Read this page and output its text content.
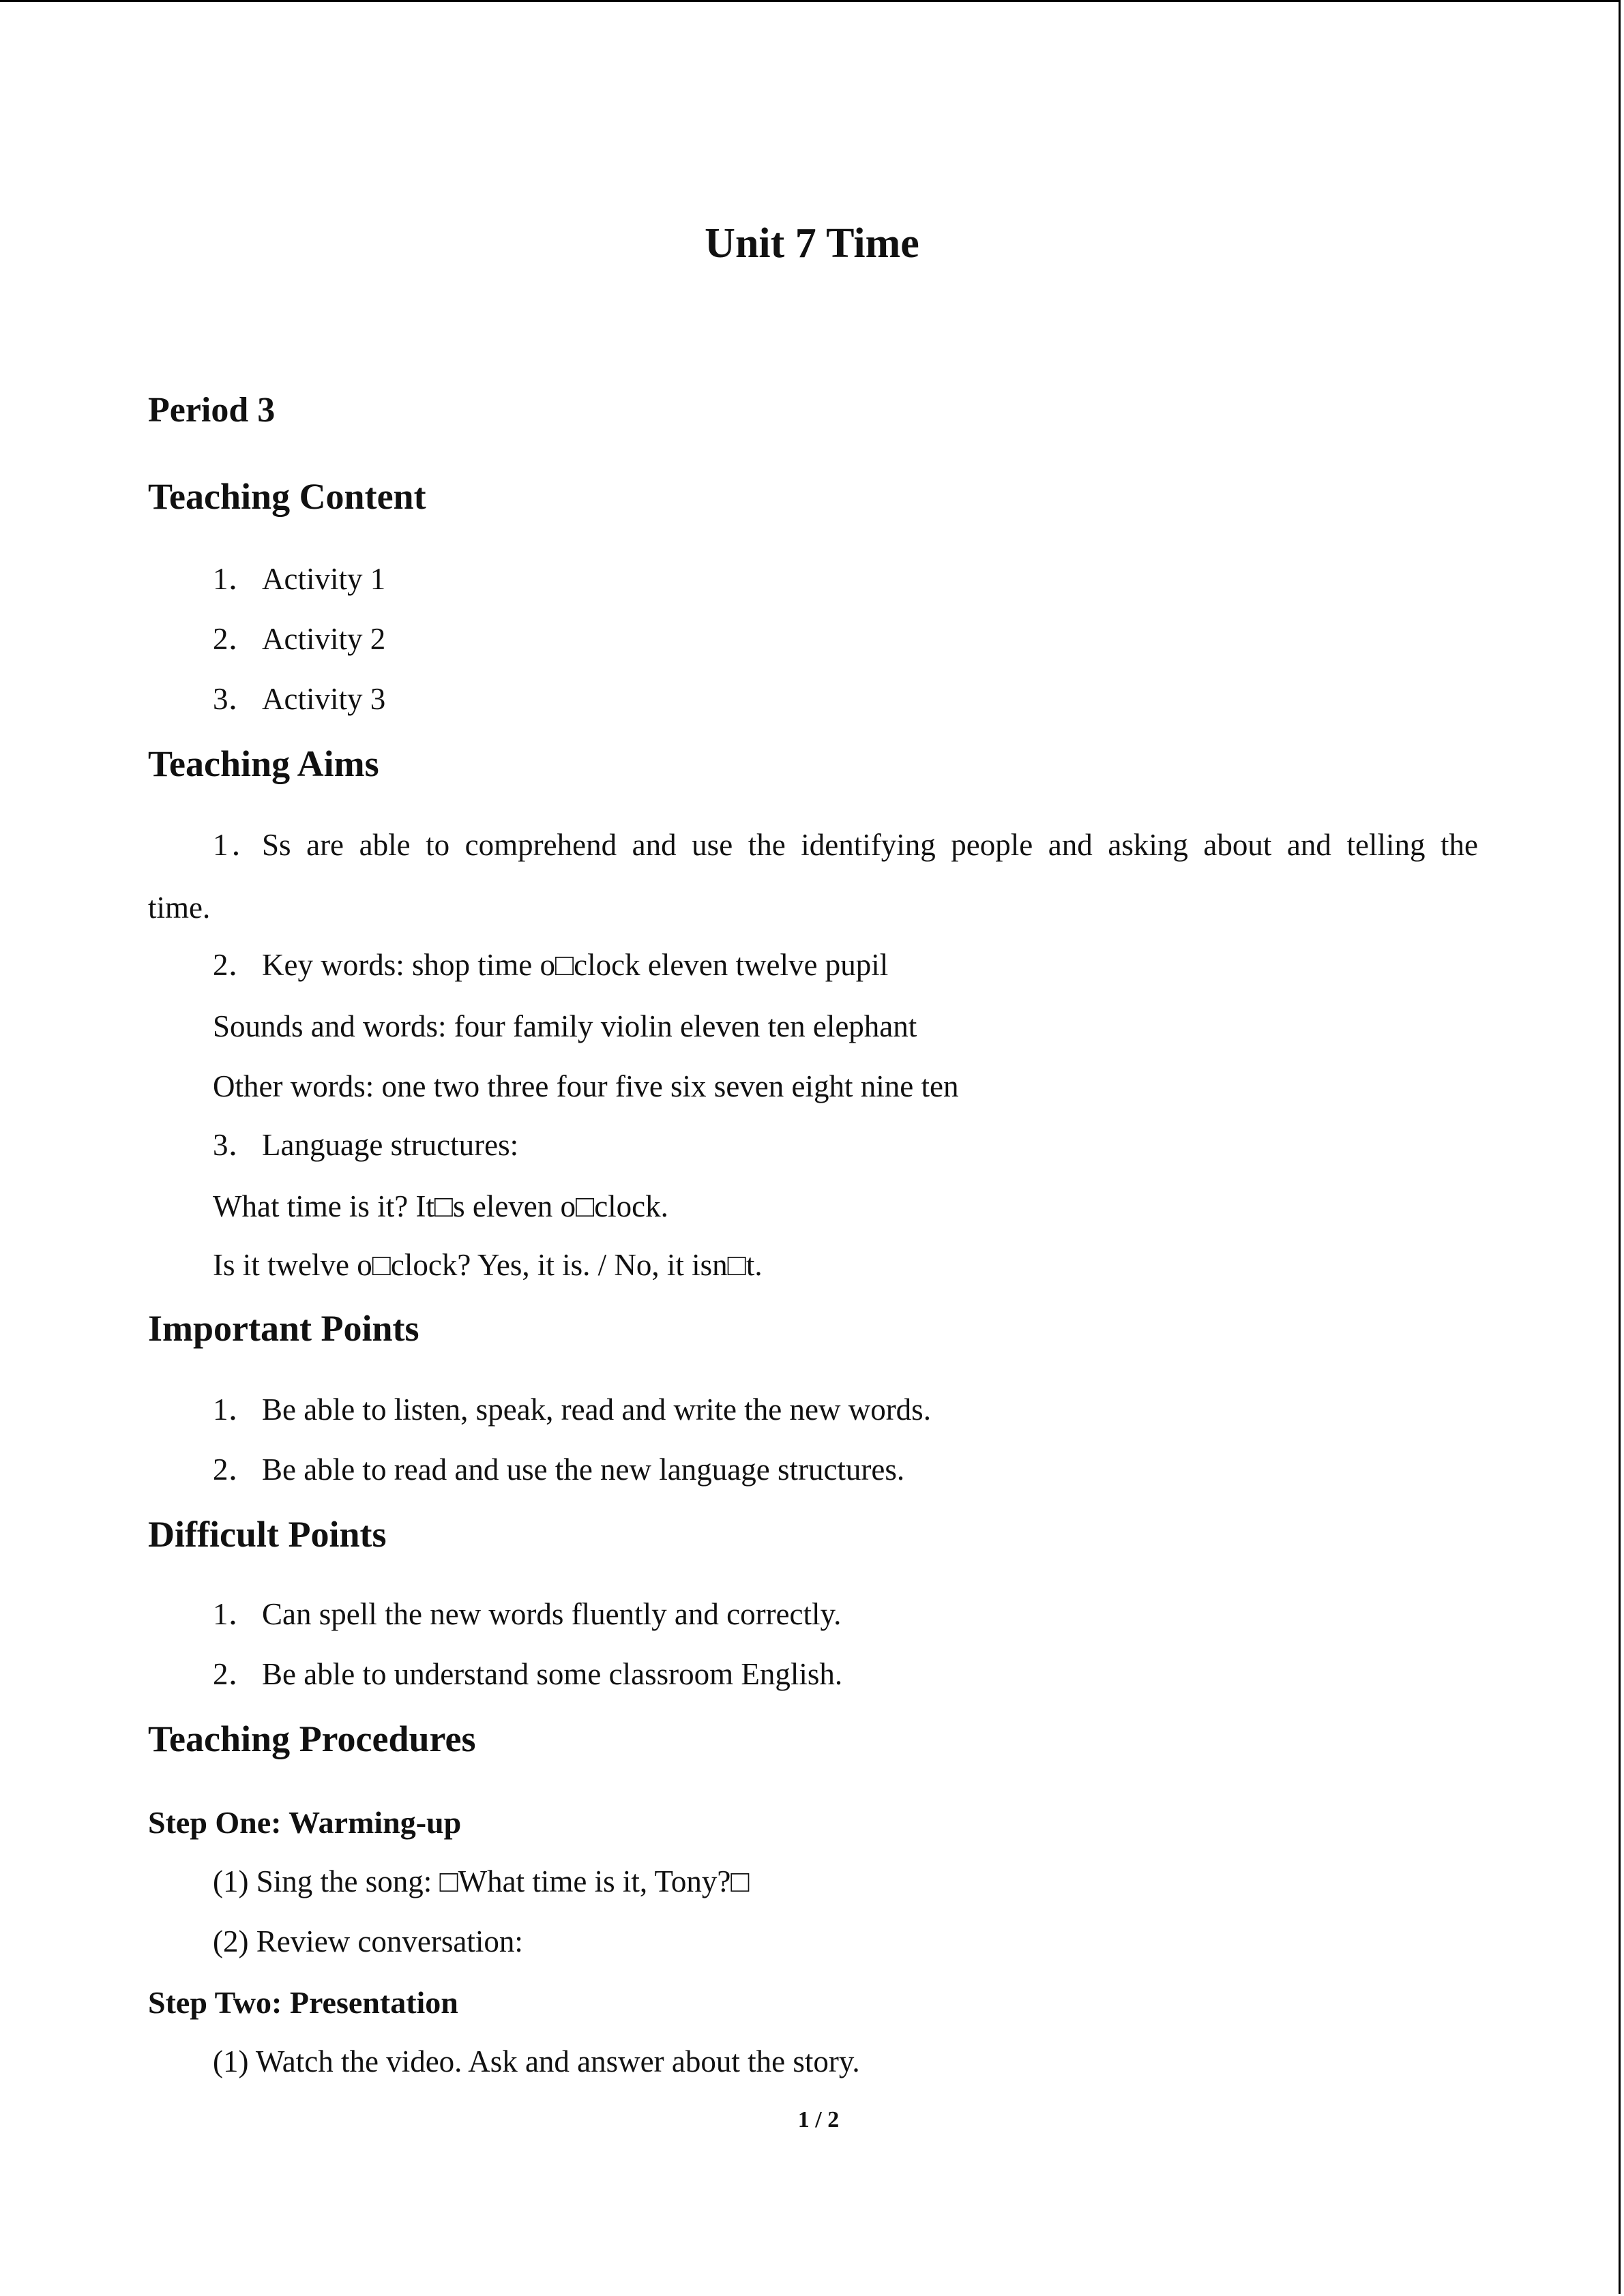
Unit 7 Time
Period 3
Teaching Content
1．Activity 1
2．Activity 2
3．Activity 3
Teaching Aims
1．Ss are able to comprehend and use the identifying people and asking about and telling the
time.
2．Key words: shop time o□clock eleven twelve pupil
Sounds and words: four family violin eleven ten elephant
Other words: one two three four five six seven eight nine ten
3．Language structures:
What time is it? It□s eleven o□clock.
Is it twelve o□clock? Yes, it is. / No, it isn□t.
Important Points
1．Be able to listen, speak, read and write the new words.
2．Be able to read and use the new language structures.
Difficult Points
1．Can spell the new words fluently and correctly.
2．Be able to understand some classroom English.
Teaching Procedures
Step One: Warming-up
(1) Sing the song: □What time is it, Tony?□
(2) Review conversation:
Step Two: Presentation
(1) Watch the video. Ask and answer about the story.
1 / 2
